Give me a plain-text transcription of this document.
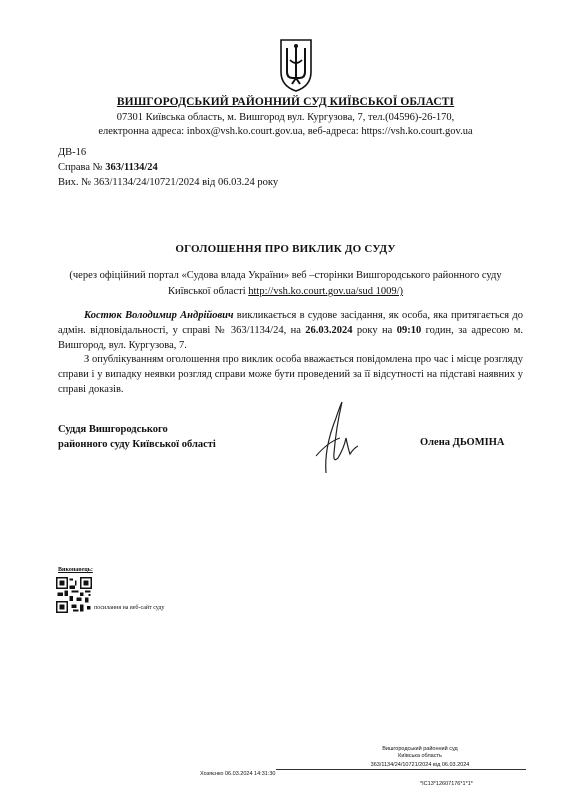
ВИШГОРОДСЬКИЙ РАЙОННИЙ СУД КИЇВСЬКОЇ ОБЛАСТІ
07301 Київська область, м. Вишгород вул. Кургузова, 7, тел.(04596)-26-170,
електронна адреса: inbox@vsh.ko.court.gov.ua, веб-адреса: https://vsh.ko.court.gov.ua
ДВ-16
Справа № 363/1134/24
Вих. № 363/1134/24/10721/2024 від 06.03.24 року
ОГОЛОШЕННЯ ПРО ВИКЛИК ДО СУДУ
(через офіційний портал «Судова влада України» веб –сторінки Вишгородського районного суду Київської області http://vsh.ko.court.gov.ua/sud 1009/)
Костюк Володимир Андрійович викликається в судове засідання, як особа, яка притягається до адмін. відповідальності, у справі № 363/1134/24, на 26.03.2024 року на 09:10 годин, за адресою м. Вишгород, вул. Кургузова, 7.
З опублікуванням оголошення про виклик особа вважається повідомлена про час і місце розгляду справи і у випадку неявки розгляд справи може бути проведений за її відсутності на підставі наявних у справі доказів.
Суддя Вишгородського
районного суду Київської області	Олена ДЬОМІНА
Виконавець:
посилання на веб-сайт суду
Вишгородський районний суд
Київська область
363/1134/24/10721/2024 від 06.03.2024
Хозяєнко 06.03.2024 14:31:30
*IC13*12607176*1*1*
